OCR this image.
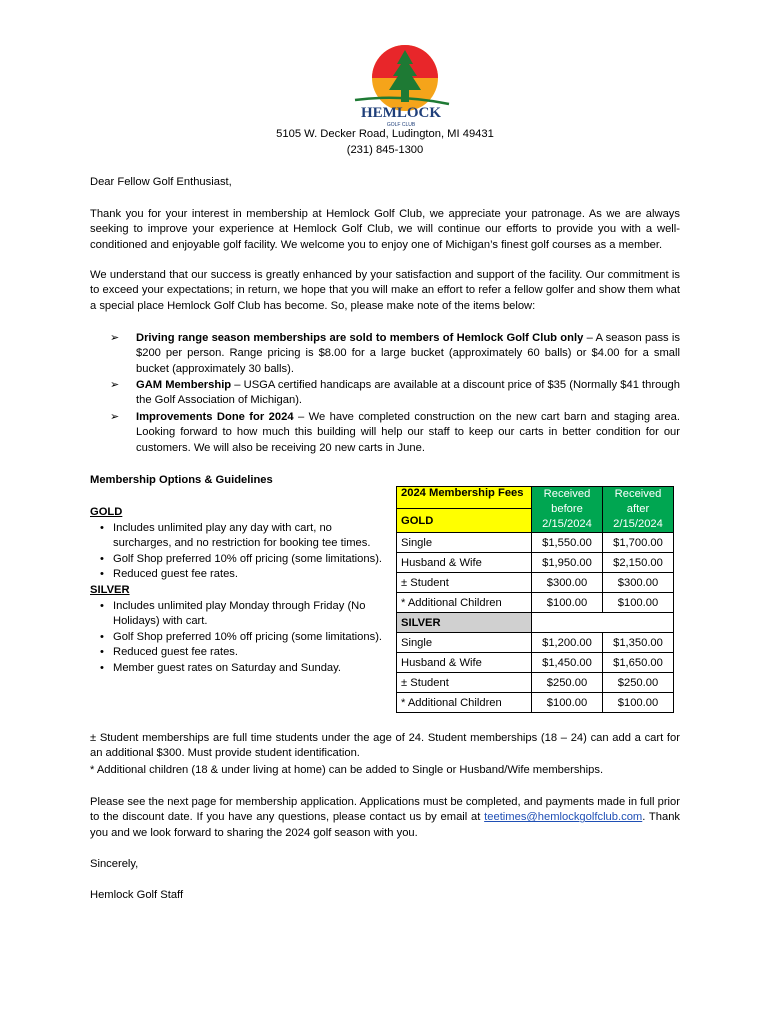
HEMLOCK
GOLF CLUB
5105 W. Decker Road, Ludington, MI 49431
(231) 845-1300

Dear Fellow Golf Enthusiast,

Thank you for your interest in membership at Hemlock Golf Club, we appreciate your patronage. As we are always seeking to improve your experience at Hemlock Golf Club, we will continue our efforts to provide you with a well-conditioned and enjoyable golf facility. We welcome you to enjoy one of Michigan’s finest golf courses as a member.

We understand that our success is greatly enhanced by your satisfaction and support of the facility. Our commitment is to exceed your expectations; in return, we hope that you will make an effort to refer a fellow golfer and show them what a special place Hemlock Golf Club has become. So, please make note of the items below:

➢ Driving range season memberships are sold to members of Hemlock Golf Club only – A season pass is $200 per person. Range pricing is $8.00 for a large bucket (approximately 60 balls) or $4.00 for a small bucket (approximately 30 balls).
➢ GAM Membership – USGA certified handicaps are available at a discount price of $35 (Normally $41 through the Golf Association of Michigan).
➢ Improvements Done for 2024 – We have completed construction on the new cart barn and staging area. Looking forward to how much this building will help our staff to keep our carts in better condition for our customers. We will also be receiving 20 new carts in June.
Membership Options & Guidelines
GOLD
• Includes unlimited play any day with cart, no surcharges, and no restriction for booking tee times.
• Golf Shop preferred 10% off pricing (some limitations).
• Reduced guest fee rates.
SILVER
• Includes unlimited play Monday through Friday (No Holidays) with cart.
• Golf Shop preferred 10% off pricing (some limitations).
• Reduced guest fee rates.
• Member guest rates on Saturday and Sunday.
2024 Membership Fees	Received
before
2/15/2024	Received
after
2/15/2024
GOLD		
Single	$1,550.00	$1,700.00
Husband & Wife	$1,950.00	$2,150.00
± Student	$300.00	$300.00
* Additional Children	$100.00	$100.00
SILVER		
Single	$1,200.00	$1,350.00
Husband & Wife	$1,450.00	$1,650.00
± Student	$250.00	$250.00
* Additional Children	$100.00	$100.00

± Student memberships are full time students under the age of 24. Student memberships (18 – 24) can add a cart for an additional $300. Must provide student identification.

* Additional children (18 & under living at home) can be added to Single or Husband/Wife memberships.

Please see the next page for membership application. Applications must be completed, and payments made in full prior to the discount date. If you have any questions, please contact us by email at teetimes@hemlockgolfclub.com. Thank you and we look forward to sharing the 2024 golf season with you.

Sincerely,

Hemlock Golf Staff
